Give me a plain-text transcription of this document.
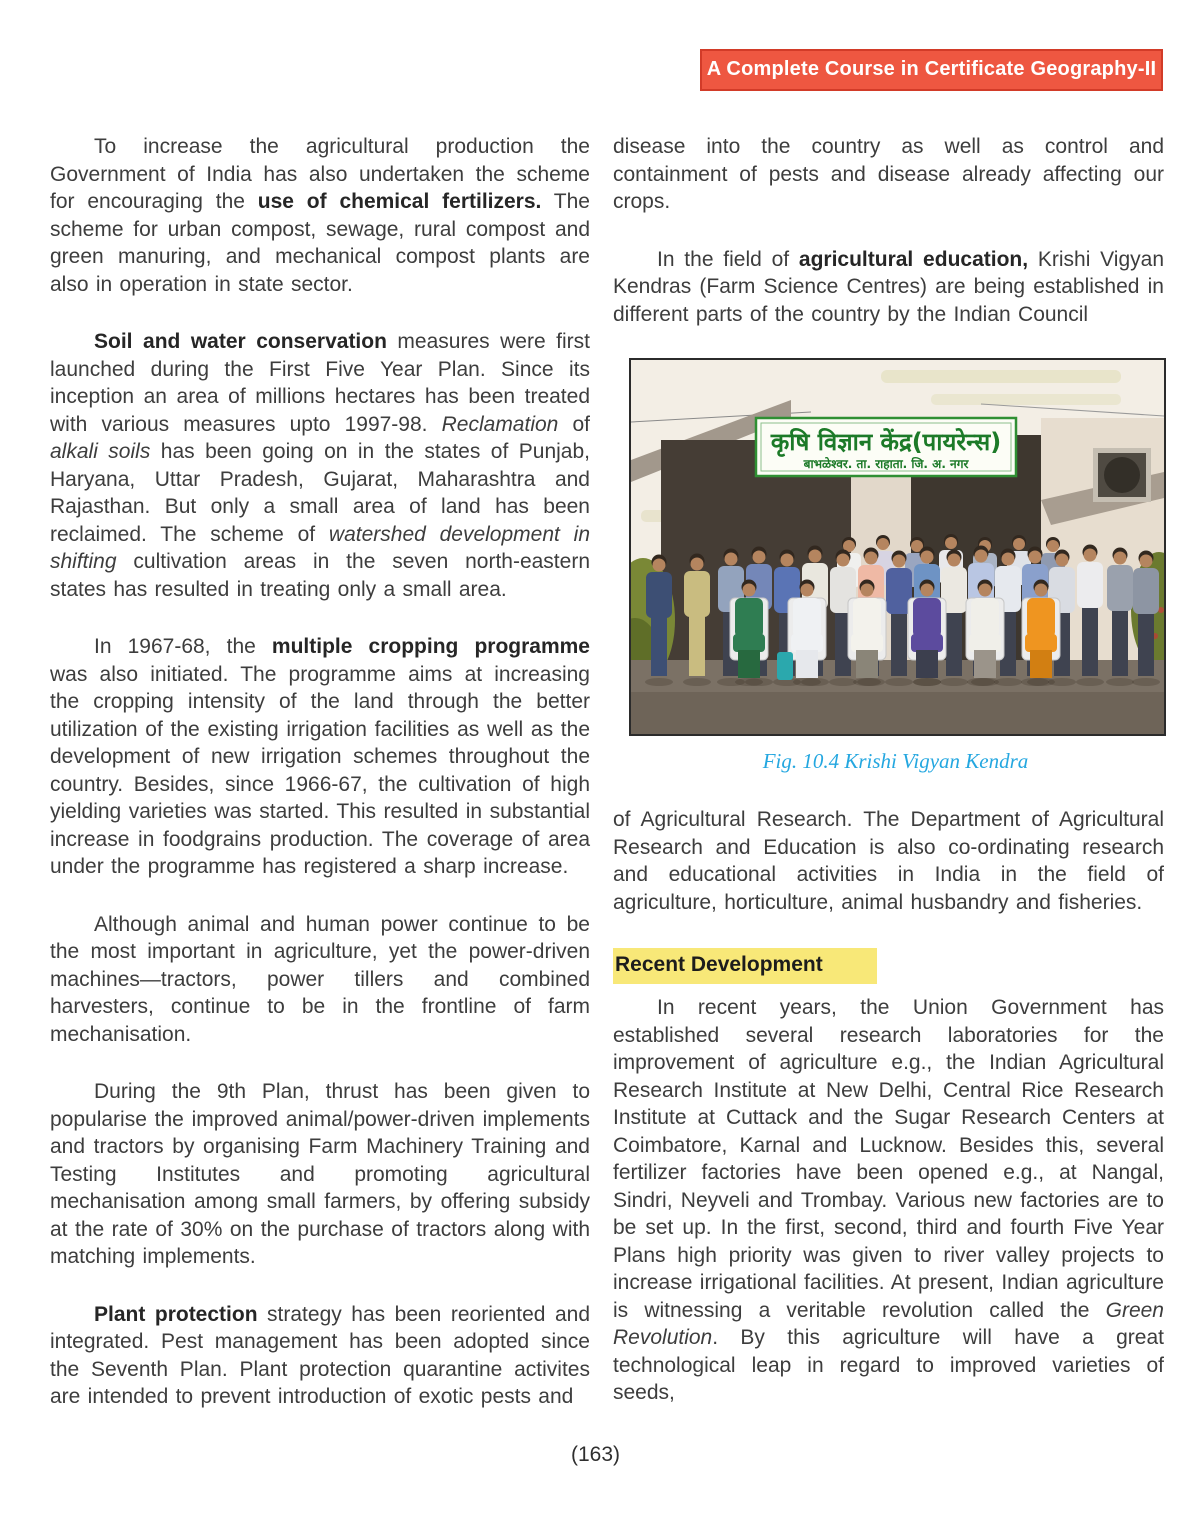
A Complete Course in Certificate Geography-II

To increase the agricultural production the Government of India has also undertaken the scheme for encouraging the use of chemical fertilizers. The scheme for urban compost, sewage, rural compost and green manuring, and mechanical compost plants are also in operation in state sector.

Soil and water conservation measures were first launched during the First Five Year Plan. Since its inception an area of millions hectares has been treated with various measures upto 1997-98. Reclamation of alkali soils has been going on in the states of Punjab, Haryana, Uttar Pradesh, Gujarat, Maharashtra and Rajasthan. But only a small area of land has been reclaimed. The scheme of watershed development in shifting cultivation areas in the seven north-eastern states has resulted in treating only a small area.

In 1967-68, the multiple cropping programme was also initiated. The programme aims at increasing the cropping intensity of the land through the better utilization of the existing irrigation facilities as well as the development of new irrigation schemes throughout the country. Besides, since 1966-67, the cultivation of high yielding varieties was started. This resulted in substantial increase in foodgrains production. The coverage of area under the programme has registered a sharp increase.

Although animal and human power continue to be the most important in agriculture, yet the power-driven machines—tractors, power tillers and combined harvesters, continue to be in the frontline of farm mechanisation.

During the 9th Plan, thrust has been given to popularise the improved animal/power-driven implements and tractors by organising Farm Machinery Training and Testing Institutes and promoting agricultural mechanisation among small farmers, by offering subsidy at the rate of 30% on the purchase of tractors along with matching implements.

Plant protection strategy has been reoriented and integrated. Pest management has been adopted since the Seventh Plan. Plant protection quarantine activites are intended to prevent introduction of exotic pests and

disease into the country as well as control and containment of pests and disease already affecting our crops.

In the field of agricultural education, Krishi Vigyan Kendras (Farm Science Centres) are being established in different parts of the country by the Indian Council

कृषि विज्ञान केंद्र(पायरेन्स)
बाभळेश्वर. ता. राहाता. जि. अ. नगर
Fig. 10.4 Krishi Vigyan Kendra

of Agricultural Research. The Department of Agricultural Research and Education is also co-ordinating research and educational activities in India in the field of agriculture, horticulture, animal husbandry and fisheries.

Recent Development

In recent years, the Union Government has established several research laboratories for the improvement of agriculture e.g., the Indian Agricultural Research Institute at New Delhi, Central Rice Research Institute at Cuttack and the Sugar Research Centers at Coimbatore, Karnal and Lucknow. Besides this, several fertilizer factories have been opened e.g., at Nangal, Sindri, Neyveli and Trombay. Various new factories are to be set up. In the first, second, third and fourth Five Year Plans high priority was given to river valley projects to increase irrigational facilities. At present, Indian agriculture is witnessing a veritable revolution called the Green Revolution. By this agriculture will have a great technological leap in regard to improved varieties of seeds,

(163)
